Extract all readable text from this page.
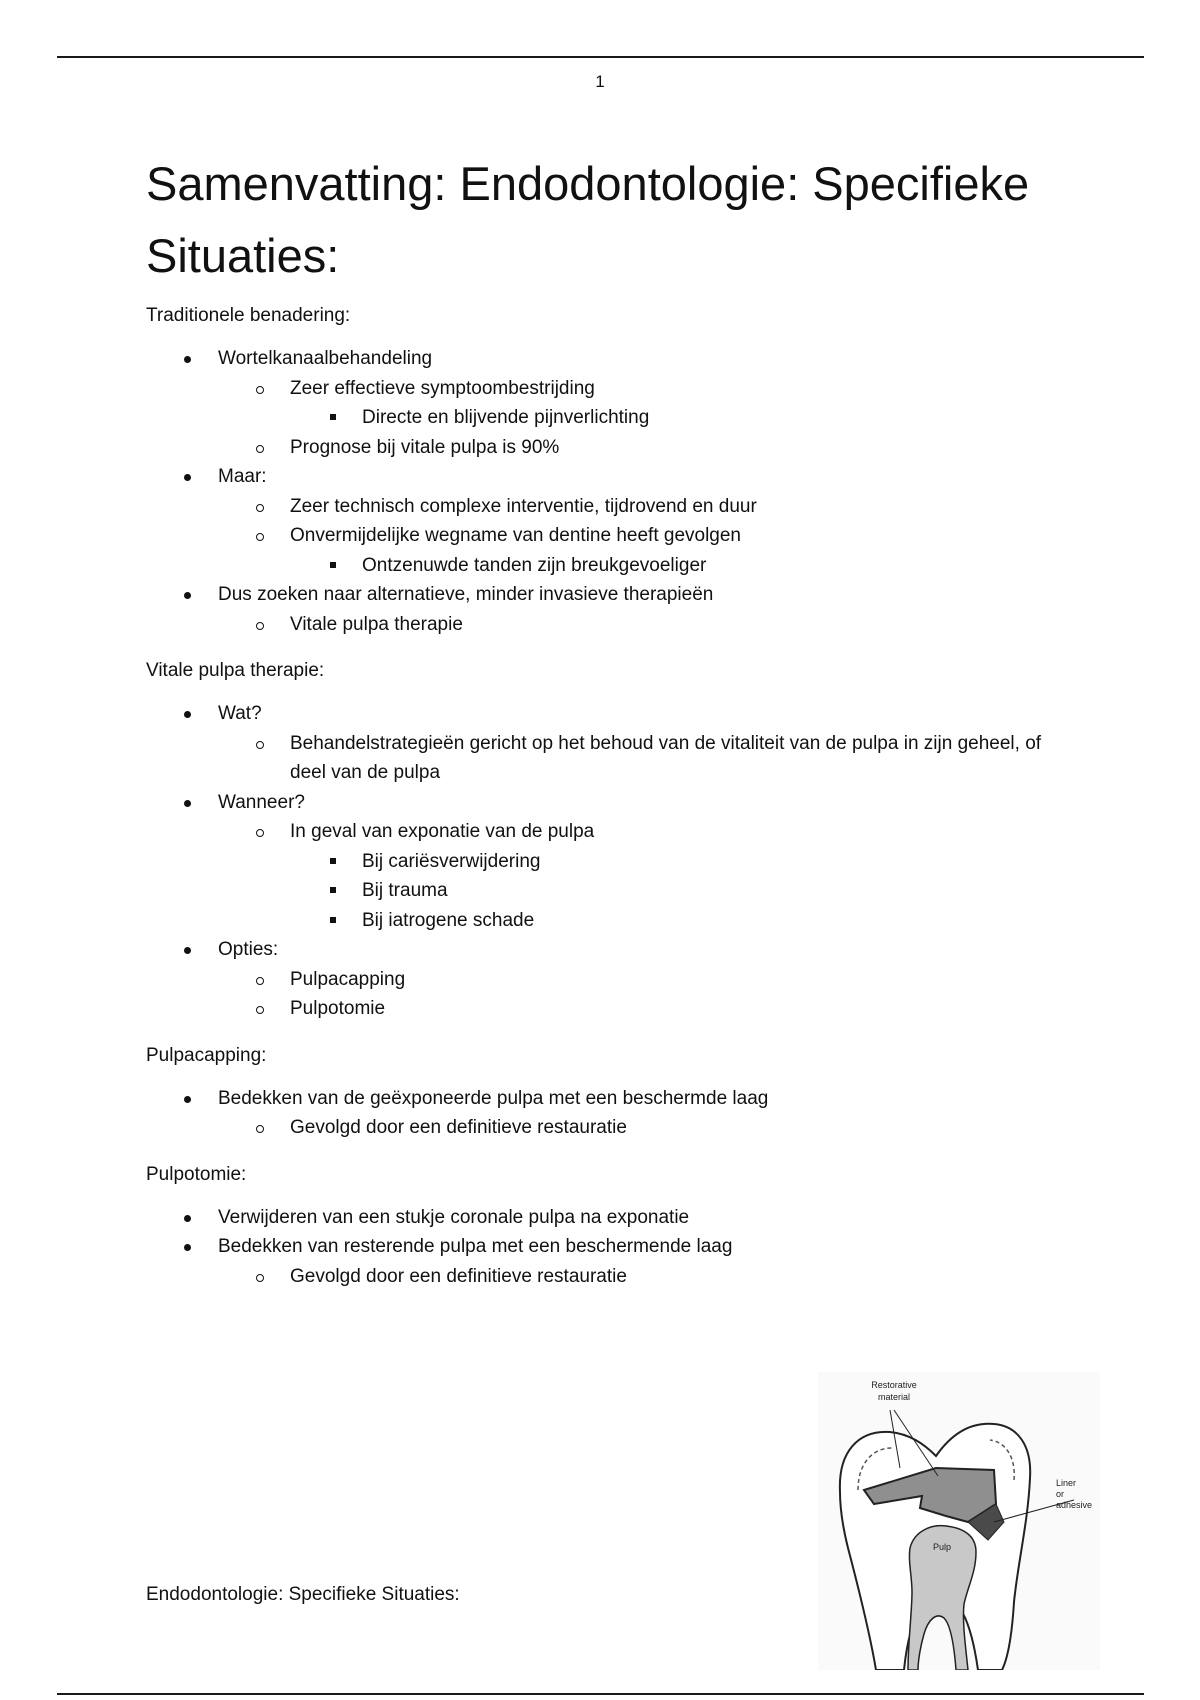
1
Samenvatting: Endodontologie: Specifieke Situaties:

Traditionele benadering:

Wortelkanaalbehandeling
Zeer effectieve symptoombestrijding
Directe en blijvende pijnverlichting
Prognose bij vitale pulpa is 90%
Maar:
Zeer technisch complexe interventie, tijdrovend en duur
Onvermijdelijke wegname van dentine heeft gevolgen
Ontzenuwde tanden zijn breukgevoeliger
Dus zoeken naar alternatieve, minder invasieve therapieën
Vitale pulpa therapie

Vitale pulpa therapie:

Wat?
Behandelstrategieën gericht op het behoud van de vitaliteit van de pulpa in zijn geheel, of deel van de pulpa
Wanneer?
In geval van exponatie van de pulpa
Bij cariësverwijdering
Bij trauma
Bij iatrogene schade
Opties:
Pulpacapping
Pulpotomie

Pulpacapping:

Bedekken van de geëxponeerde pulpa met een beschermde laag
Gevolgd door een definitieve restauratie

Pulpotomie:

Verwijderen van een stukje coronale pulpa na exponatie
Bedekken van resterende pulpa met een beschermende laag
Gevolgd door een definitieve restauratie
Restorative
material
Liner
or
adhesive
Pulp
Endodontologie: Specifieke Situaties:
